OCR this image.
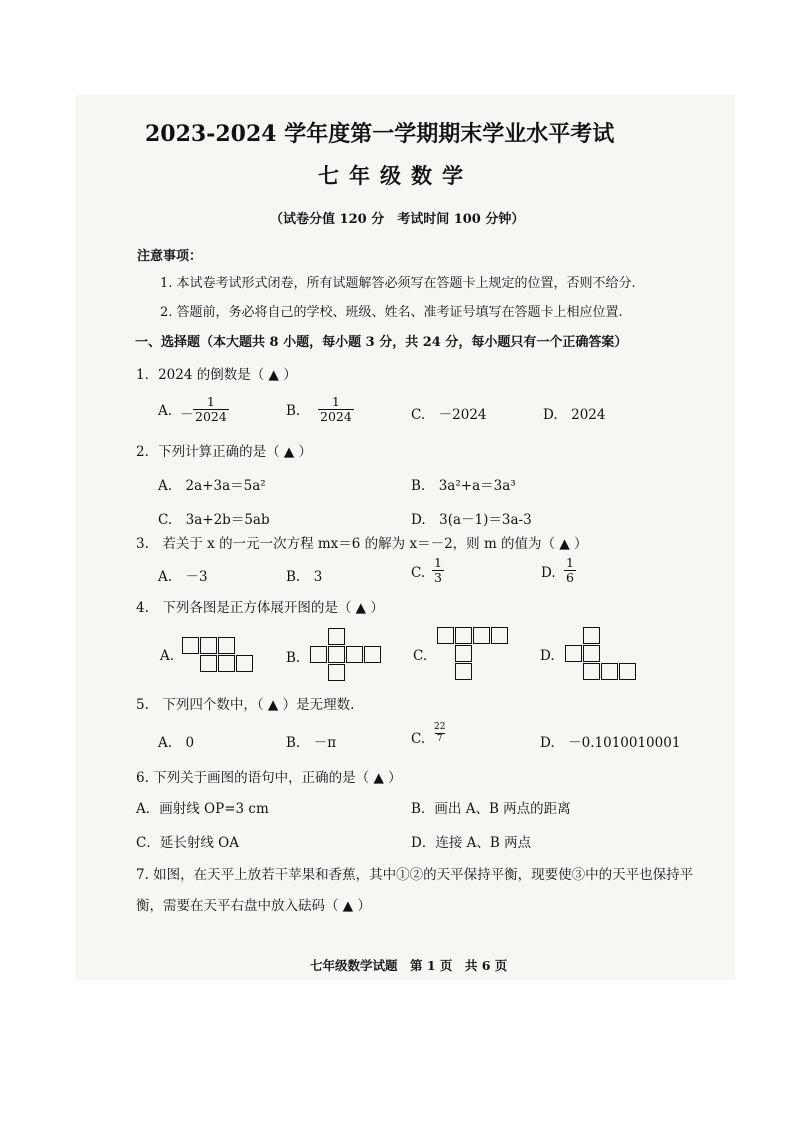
2023-2024 学年度第一学期期末学业水平考试
七年级数学
（试卷分值 120 分　考试时间 100 分钟）
注意事项：
1. 本试卷考试形式闭卷，所有试题解答必须写在答题卡上规定的位置，否则不给分.
2. 答题前，务必将自己的学校、班级、姓名、准考证号填写在答题卡上相应位置.
一、选择题（本大题共 8 小题，每小题 3 分，共 24 分，每小题只有一个正确答案）
1．2024 的倒数是（ ▲ ）
A. － $\frac{1}{2024}$	B. $\frac{1}{2024}$	C.　－2024	D.　2024
2．下列计算正确的是（ ▲ ）
A.　2a+3a＝5a²	B.　3a²+a＝3a³
C.　3a+2b＝5ab	D.　3(a－1)＝3a-3
3.　若关于 x 的一元一次方程 mx＝6 的解为 x＝－2，则 m 的值为（ ▲ ）
A.　－3	B.　3	C. $\frac{1}{3}$	D. $\frac{1}{6}$
4.　下列各图是正方体展开图的是（ ▲ ）
A.	B.	C.	D.
5.　下列四个数中，（ ▲ ）是无理数.
A.　0	B.　－π	C. $\frac{22}{7}$	D.　－0.1010010001
6. 下列关于画图的语句中，正确的是（ ▲ ）
A．画射线 OP=3 cm	B．画出 A、B 两点的距离
C．延长射线 OA	D．连接 A、B 两点
7. 如图，在天平上放若干苹果和香蕉，其中①②的天平保持平衡，现要使③中的天平也保持平
衡，需要在天平右盘中放入砝码（ ▲ ）
七年级数学试题　第 1 页　共 6 页
